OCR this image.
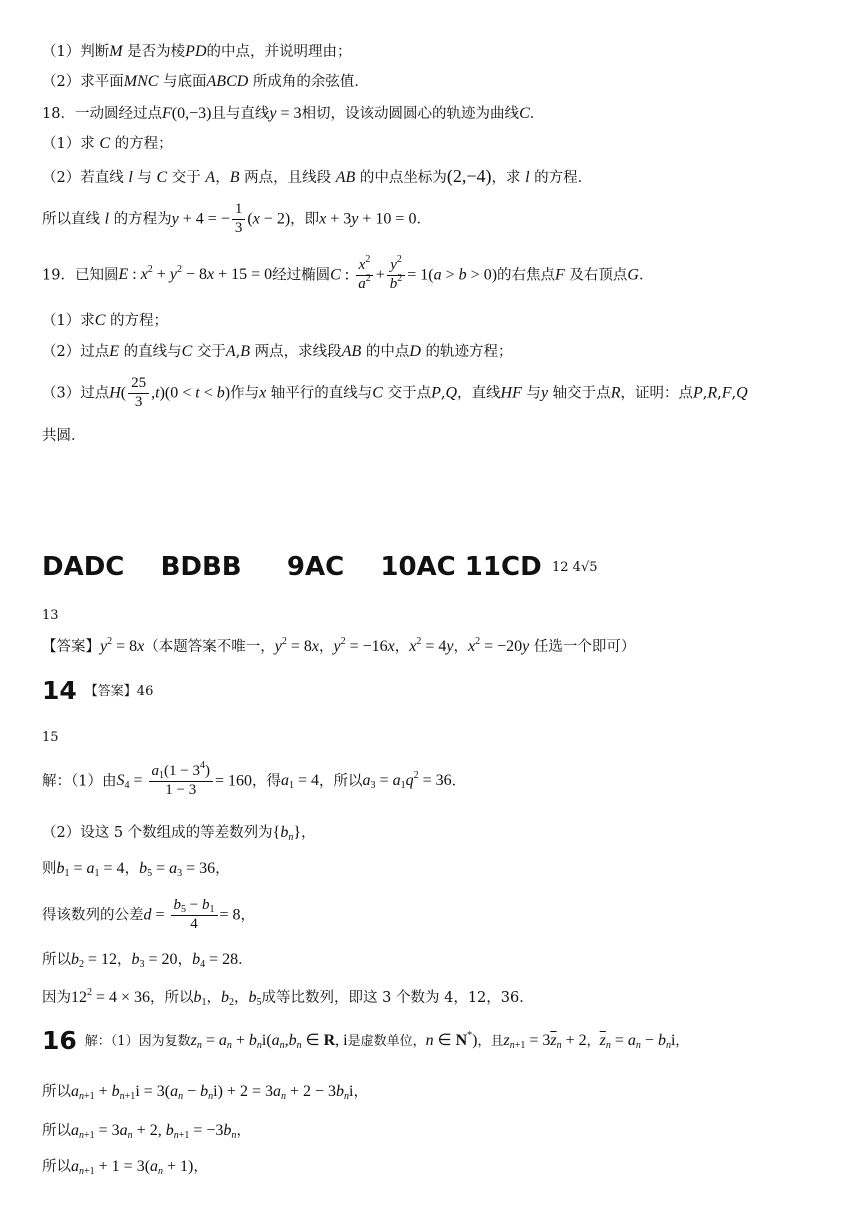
（1）判断M 是否为棱PD的中点，并说明理由；
（2）求平面MNC 与底面ABCD 所成角的余弦值．
18．一动圆经过点F(0,−3)且与直线y = 3相切，设该动圆圆心的轨迹为曲线C．
（1）求 C 的方程；
（2）若直线 l 与 C 交于 A，B 两点，且线段 AB 的中点坐标为(2,−4)，求 l 的方程．
所以直线 l 的方程为y + 4 = − $\frac{1}{3} (x - 2)$，即x + 3y + 10 = 0．
19．已知圆E : $x^2 + y^2 - 8x + 15 = 0$经过椭圆C : $\frac{x^2}{a^2} + \frac{y^2}{b^2} = 1(a > b > 0)$的右焦点F 及右顶点G．
（1）求C 的方程；
（2）过点E 的直线与C 交于A,B 两点，求线段AB 的中点D 的轨迹方程；
（3）过点$H( \frac{25}{3} ,t)(0 < t < b)$作与x 轴平行的直线与C 交于点P,Q，直线HF 与y 轴交于点R，证明：点P,R,F,Q
共圆．
DADC    BDBB     9AC    10AC 11CD 12 4√5
13
【答案】$y^2 = 8x$（本题答案不唯一，$y^2 = 8x$，$y^2 = -16x$，$x^2 = 4y$，$x^2 = -20y$ 任选一个即可）
14 【答案】46
15
解：（1）由$S_4 = \frac{a_1(1 - 3^4)}{1 - 3} = 160$，得$a_1 = 4$，所以$a_3 = a_1q^2 = 36$．
（2）设这 5 个数组成的等差数列为$\{b_n\}$，
则$b_1 = a_1 = 4$，$b_5 = a_3 = 36$，
得该数列的公差$d = \frac{b_5 - b_1}{4} = 8$，
所以$b_2 = 12$，$b_3 = 20$，$b_4 = 28$．
因为$12^2 = 4 \times 36$，所以$b_1$，$b_2$，$b_5$成等比数列，即这 3 个数为 4，12，36．
16 解：（1）因为复数$z_n = a_n + b_ni(a_n,b_n$ ∈ R, i是虚数单位，n ∈ N*)，且$z_{n+1} = 3\overline{z}_n + 2$，$\overline{z}_n = a_n - b_ni$，
所以$a_{n+1} + b_{n+1}i = 3(a_n - b_ni) + 2 = 3a_n + 2 - 3b_ni$，
所以$a_{n+1} = 3a_n + 2$, $b_{n+1} = -3b_n$，
所以$a_{n+1} + 1 = 3(a_n + 1)$，
